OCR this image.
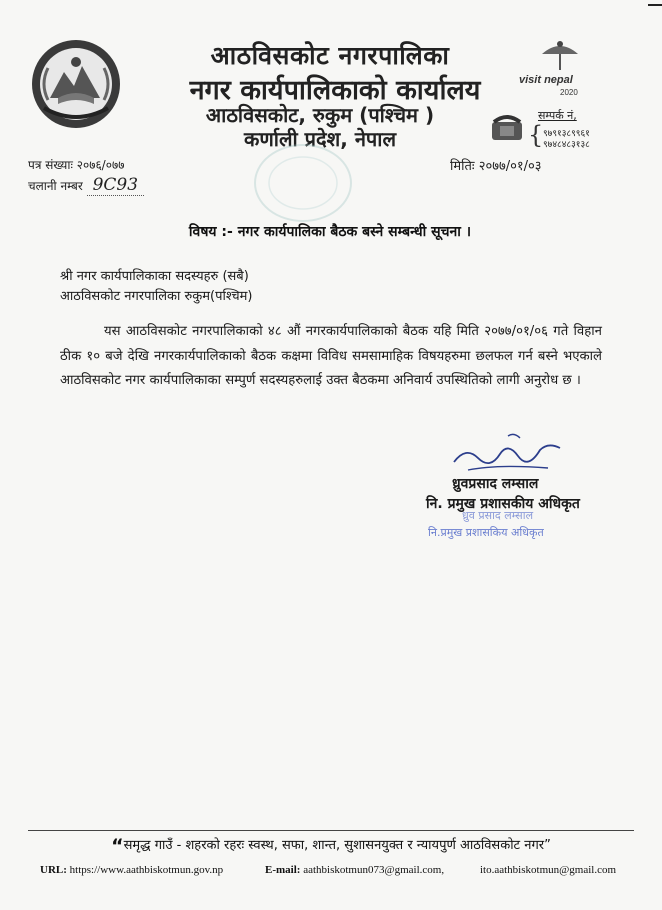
आठविसकोट नगरपालिका
नगर कार्यपालिकाको कार्यालय
आठविसकोट, रुकुम (पश्चिम )
कर्णाली प्रदेश, नेपाल
visit nepal
2020
सम्पर्क नं,
{ ९७९१३८९९६१
९७४८४८३१३८
पत्र संख्याः २०७६/०७७
चलानी नम्बर 9C93
मितिः २०७७/०१/०३
विषय :- नगर कार्यपालिका बैठक बस्ने सम्बन्धी सूचना ।
श्री नगर कार्यपालिकाका सदस्यहरु (सबै)
आठविसकोट नगरपालिका रुकुम(पश्चिम)
यस आठविसकोट नगरपालिकाको ४८ औं नगरकार्यपालिकाको बैठक यहि मिति २०७७/०१/०६ गते विहान ठीक १० बजे देखि नगरकार्यपालिकाको बैठक कक्षमा विविध समसामाहिक विषयहरुमा छलफल गर्न बस्ने भएकाले आठविसकोट नगर कार्यपालिकाका सम्पुर्ण सदस्यहरुलाई उक्त बैठकमा अनिवार्य उपस्थितिको लागी अनुरोध छ ।
ध्रुवप्रसाद लम्साल
नि. प्रमुख प्रशासकीय अधिकृत
ध्रुव प्रसाद लम्साल
नि.प्रमुख प्रशासकिय अधिकृत
“समृद्ध गाउँ - शहरको रहरः स्वस्थ, सफा, शान्त, सुशासनयुक्त र न्यायपुर्ण आठविसकोट नगर”
URL: https://www.aathbiskotmun.gov.np	E-mail: aathbiskotmun073@gmail.com,	ito.aathbiskotmun@gmail.com
